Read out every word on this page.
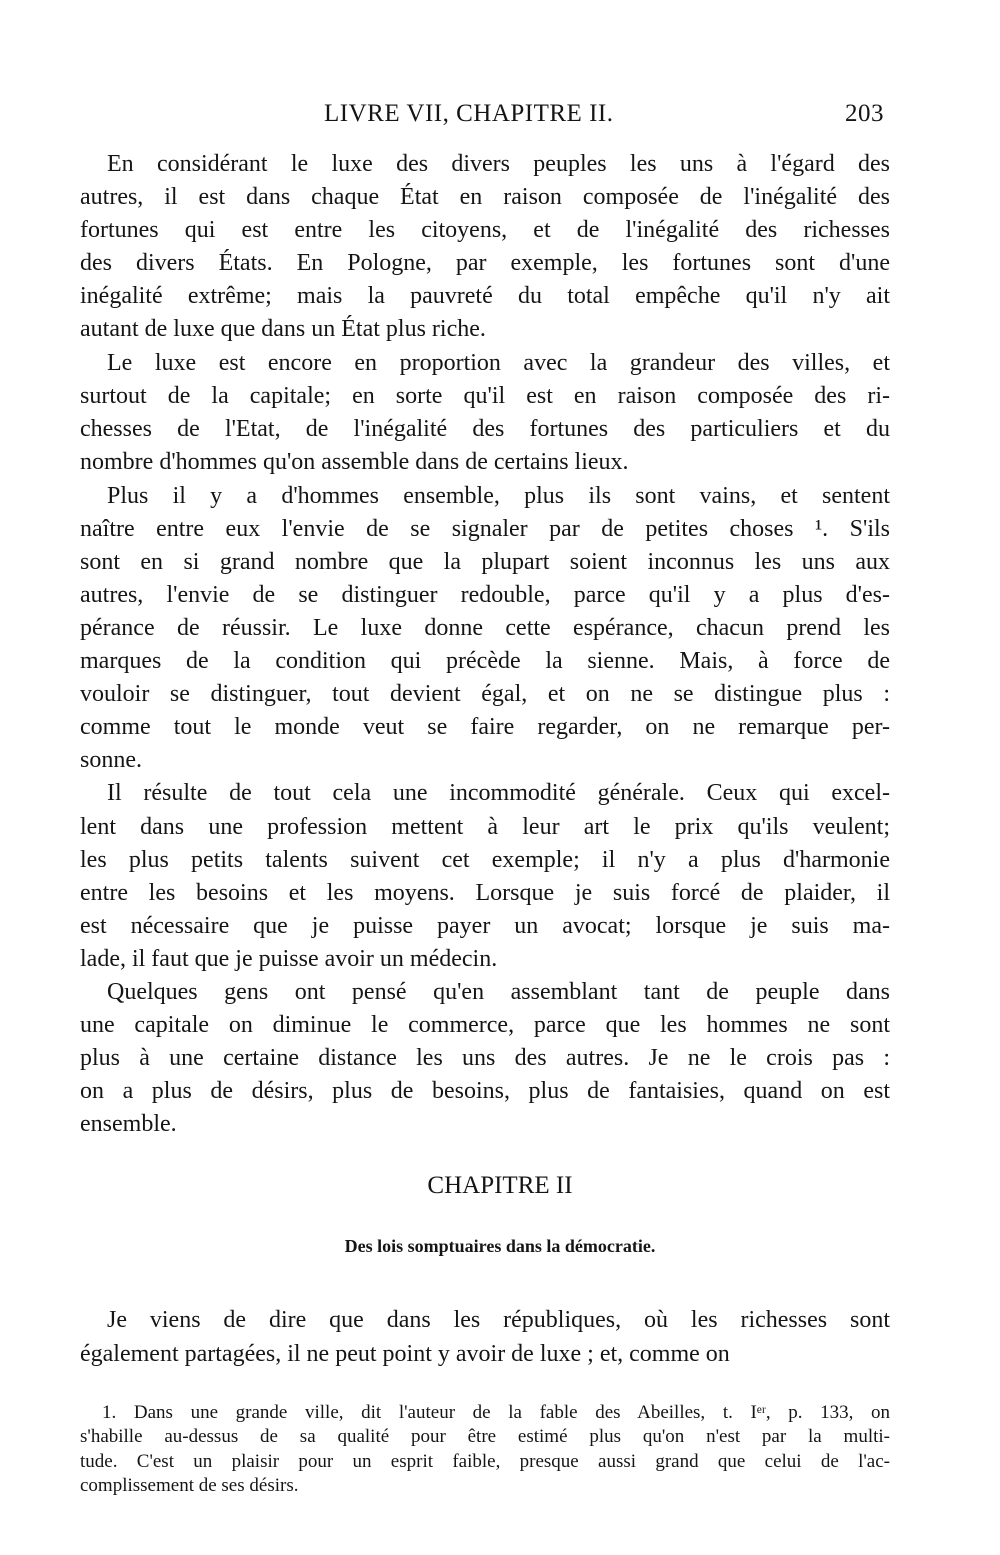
LIVRE VII, CHAPITRE II.	203
En considérant le luxe des divers peuples les uns à l'égard des
autres, il est dans chaque État en raison composée de l'inégalité des
fortunes qui est entre les citoyens, et de l'inégalité des richesses
des divers États. En Pologne, par exemple, les fortunes sont d'une
inégalité extrême; mais la pauvreté du total empêche qu'il n'y ait
autant de luxe que dans un État plus riche.
Le luxe est encore en proportion avec la grandeur des villes, et
surtout de la capitale; en sorte qu'il est en raison composée des ri-
chesses de l'Etat, de l'inégalité des fortunes des particuliers et du
nombre d'hommes qu'on assemble dans de certains lieux.
Plus il y a d'hommes ensemble, plus ils sont vains, et sentent
naître entre eux l'envie de se signaler par de petites choses ¹. S'ils
sont en si grand nombre que la plupart soient inconnus les uns aux
autres, l'envie de se distinguer redouble, parce qu'il y a plus d'es-
pérance de réussir. Le luxe donne cette espérance, chacun prend les
marques de la condition qui précède la sienne. Mais, à force de
vouloir se distinguer, tout devient égal, et on ne se distingue plus :
comme tout le monde veut se faire regarder, on ne remarque per-
sonne.
Il résulte de tout cela une incommodité générale. Ceux qui excel-
lent dans une profession mettent à leur art le prix qu'ils veulent;
les plus petits talents suivent cet exemple; il n'y a plus d'harmonie
entre les besoins et les moyens. Lorsque je suis forcé de plaider, il
est nécessaire que je puisse payer un avocat; lorsque je suis ma-
lade, il faut que je puisse avoir un médecin.
Quelques gens ont pensé qu'en assemblant tant de peuple dans
une capitale on diminue le commerce, parce que les hommes ne sont
plus à une certaine distance les uns des autres. Je ne le crois pas :
on a plus de désirs, plus de besoins, plus de fantaisies, quand on est
ensemble.
CHAPITRE II
Des lois somptuaires dans la démocratie.
Je viens de dire que dans les républiques, où les richesses sont
également partagées, il ne peut point y avoir de luxe ; et, comme on
1. Dans une grande ville, dit l'auteur de la fable des Abeilles, t. Iᵉʳ, p. 133, on
s'habille au-dessus de sa qualité pour être estimé plus qu'on n'est par la multi-
tude. C'est un plaisir pour un esprit faible, presque aussi grand que celui de l'ac-
complissement de ses désirs.
